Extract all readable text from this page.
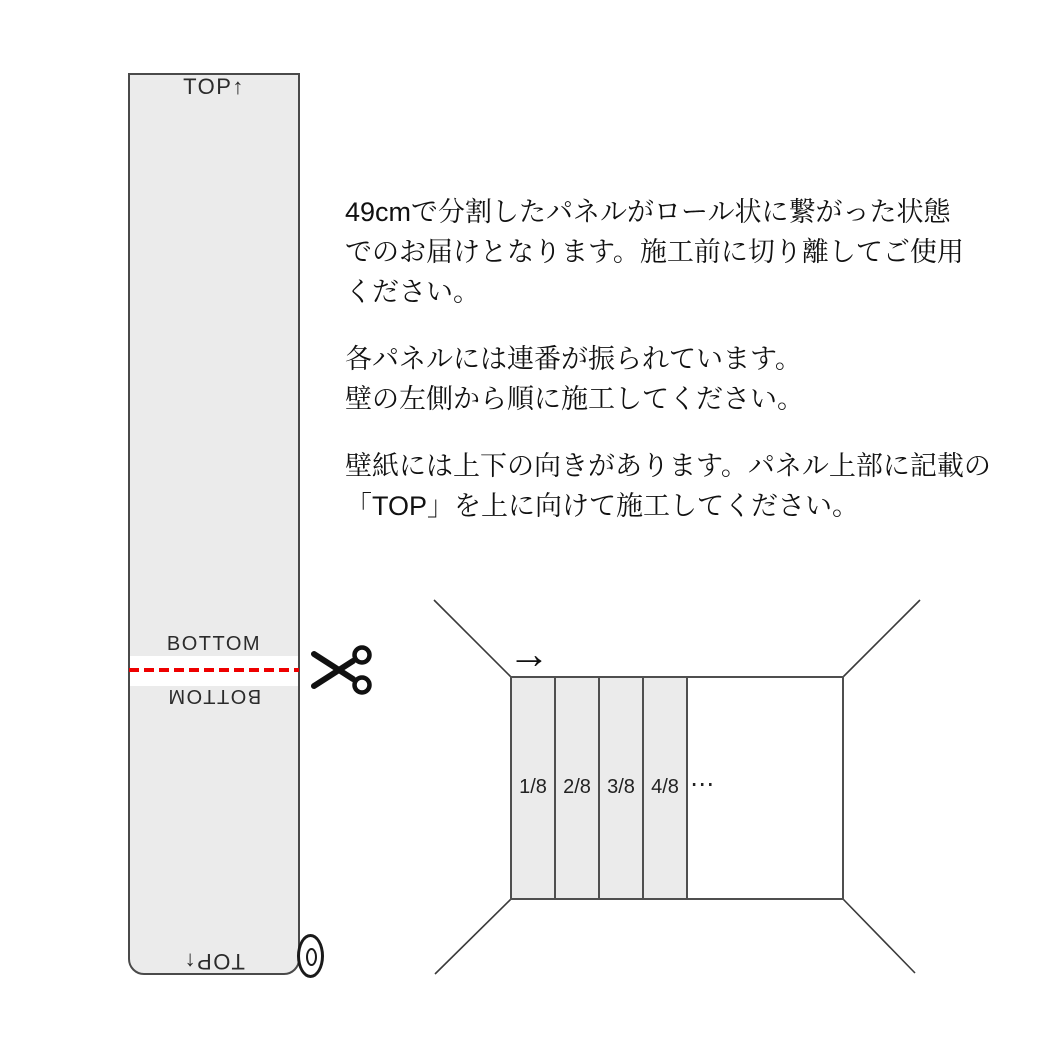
TOP↑
BOTTOM
BOTTOM
TOP↑
49cmで分割したパネルがロール状に繋がった状態
でのお届けとなります。施工前に切り離してご使用
ください。
各パネルには連番が振られています。
壁の左側から順に施工してください。
壁紙には上下の向きがあります。パネル上部に記載の
「TOP」を上に向けて施工してください。
→
1/8 2/8 3/8 4/8 ⋯
